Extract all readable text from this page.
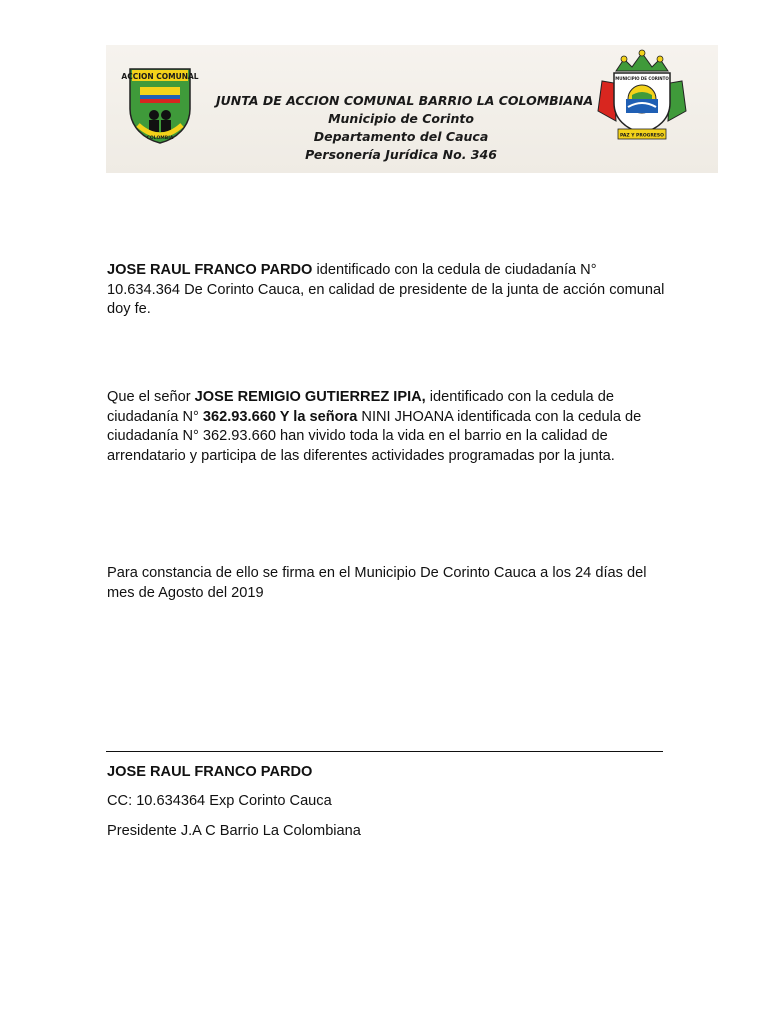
ACCION COMUNAL
COLOMBIA
JUNTA DE ACCION COMUNAL BARRIO LA COLOMBIANA
Municipio de Corinto
Departamento del Cauca
Personería Jurídica No. 346
MUNICIPIO DE CORINTO
PAZ Y PROGRESO
JOSE RAUL FRANCO PARDO identificado con la cedula de ciudadanía N° 10.634.364 De Corinto Cauca, en calidad de presidente de la junta de acción comunal doy fe.
Que el señor JOSE REMIGIO GUTIERREZ IPIA, identificado con la cedula de ciudadanía N° 362.93.660 Y la señora NINI JHOANA identificada con la cedula de ciudadanía N° 362.93.660 han vivido toda la vida en el barrio en la calidad de arrendatario y participa de las diferentes actividades programadas por la junta.
Para constancia de ello se firma en el Municipio De Corinto Cauca a los 24 días del mes de Agosto del 2019
JOSE RAUL FRANCO PARDO
CC: 10.634364 Exp Corinto Cauca
Presidente J.A C Barrio La Colombiana
